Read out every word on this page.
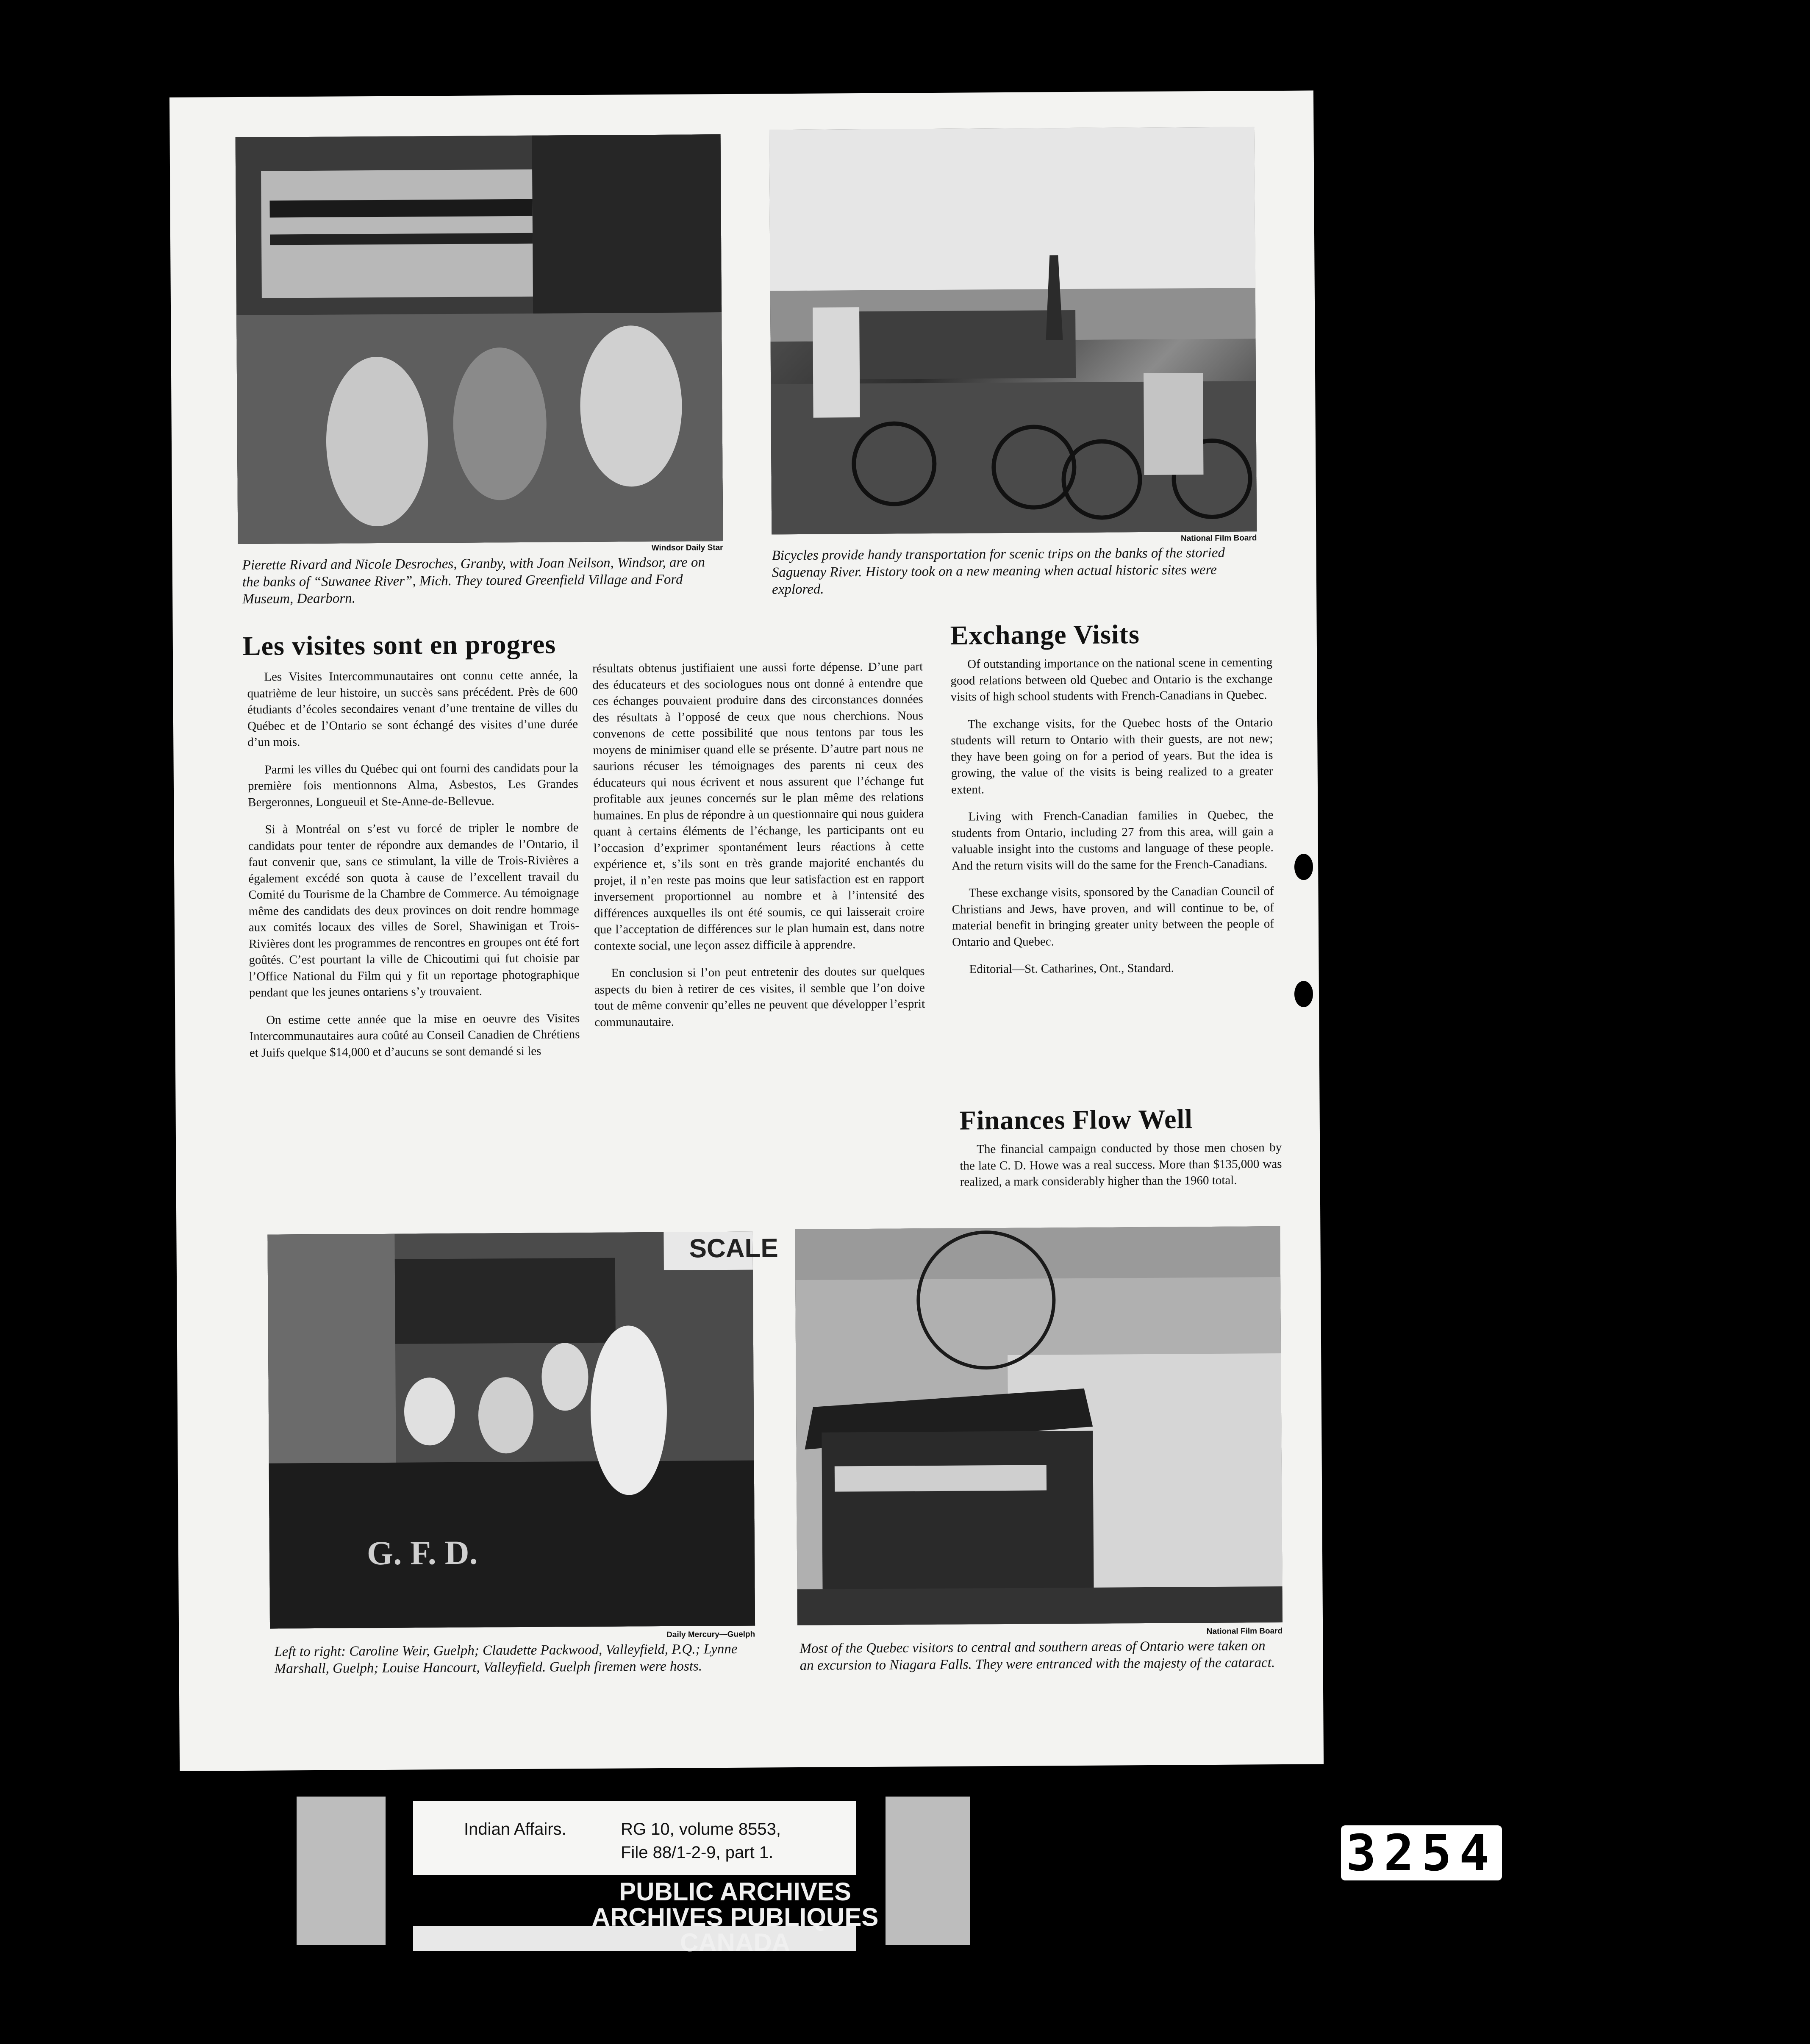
Windsor Daily Star
Pierette Rivard and Nicole Desroches, Granby, with Joan Neilson, Windsor, are on the banks of “Suwanee River”, Mich. They toured Greenfield Village and Ford Museum, Dearborn.
National Film Board
Bicycles provide handy transportation for scenic trips on the banks of the storied Saguenay River. History took on a new meaning when actual historic sites were explored.
Les visites sont en progres

Les Visites Intercommunautaires ont connu cette année, la quatrième de leur histoire, un succès sans précédent. Près de 600 étudiants d’écoles secondaires venant d’une trentaine de villes du Québec et de l’Ontario se sont échangé des visites d’une durée d’un mois.

Parmi les villes du Québec qui ont fourni des candidats pour la première fois mentionnons Alma, Asbestos, Les Grandes Bergeronnes, Longueuil et Ste-Anne-de-Bellevue.

Si à Montréal on s’est vu forcé de tripler le nombre de candidats pour tenter de répondre aux demandes de l’Ontario, il faut convenir que, sans ce stimulant, la ville de Trois-Rivières a également excédé son quota à cause de l’excellent travail du Comité du Tourisme de la Chambre de Commerce. Au témoignage même des candidats des deux provinces on doit rendre hommage aux comités locaux des villes de Sorel, Shawinigan et Trois-Rivières dont les programmes de rencontres en groupes ont été fort goûtés. C’est pourtant la ville de Chicoutimi qui fut choisie par l’Office National du Film qui y fit un reportage photographique pendant que les jeunes ontariens s’y trouvaient.

On estime cette année que la mise en oeuvre des Visites Intercommunautaires aura coûté au Conseil Canadien de Chrétiens et Juifs quelque $14,000 et d’aucuns se sont demandé si les

résultats obtenus justifiaient une aussi forte dépense. D’une part des éducateurs et des sociologues nous ont donné à entendre que ces échanges pouvaient produire dans des circonstances données des résultats à l’opposé de ceux que nous cherchions. Nous convenons de cette possibilité que nous tentons par tous les moyens de minimiser quand elle se présente. D’autre part nous ne saurions récuser les témoignages des parents ni ceux des éducateurs qui nous écrivent et nous assurent que l’échange fut profitable aux jeunes concernés sur le plan même des relations humaines. En plus de répondre à un questionnaire qui nous guidera quant à certains éléments de l’échange, les participants ont eu l’occasion d’exprimer spontanément leurs réactions à cette expérience et, s’ils sont en très grande majorité enchantés du projet, il n’en reste pas moins que leur satisfaction est en rapport inversement proportionnel au nombre et à l’intensité des différences auxquelles ils ont été soumis, ce qui laisserait croire que l’acceptation de différences sur le plan humain est, dans notre contexte social, une leçon assez difficile à apprendre.

En conclusion si l’on peut entretenir des doutes sur quelques aspects du bien à retirer de ces visites, il semble que l’on doive tout de même convenir qu’elles ne peuvent que développer l’esprit communautaire.

Exchange Visits

Of outstanding importance on the national scene in cementing good relations between old Quebec and Ontario is the exchange visits of high school students with French-Canadians in Quebec.

The exchange visits, for the Quebec hosts of the Ontario students will return to Ontario with their guests, are not new; they have been going on for a period of years. But the idea is growing, the value of the visits is being realized to a greater extent.

Living with French-Canadian families in Quebec, the students from Ontario, including 27 from this area, will gain a valuable insight into the customs and language of these people. And the return visits will do the same for the French-Canadians.

These exchange visits, sponsored by the Canadian Council of Christians and Jews, have proven, and will continue to be, of material benefit in bringing greater unity between the people of Ontario and Quebec.

Editorial—St. Catharines, Ont., Standard.

Finances Flow Well

The financial campaign conducted by those men chosen by the late C. D. Howe was a real success. More than $135,000 was realized, a mark considerably higher than the 1960 total.

SCALE
G. F. D.
Daily Mercury—Guelph
Left to right: Caroline Weir, Guelph; Claudette Packwood, Valleyfield, P.Q.; Lynne Marshall, Guelph; Louise Hancourt, Valleyfield. Guelph firemen were hosts.
National Film Board
Most of the Quebec visitors to central and southern areas of Ontario were taken on an excursion to Niagara Falls. They were entranced with the majesty of the cataract.
Indian Affairs.	RG 10, volume 8553,
File 88/1-2-9, part 1.
PUBLIC ARCHIVES
ARCHIVES PUBLIQUES
CANADA
3254
